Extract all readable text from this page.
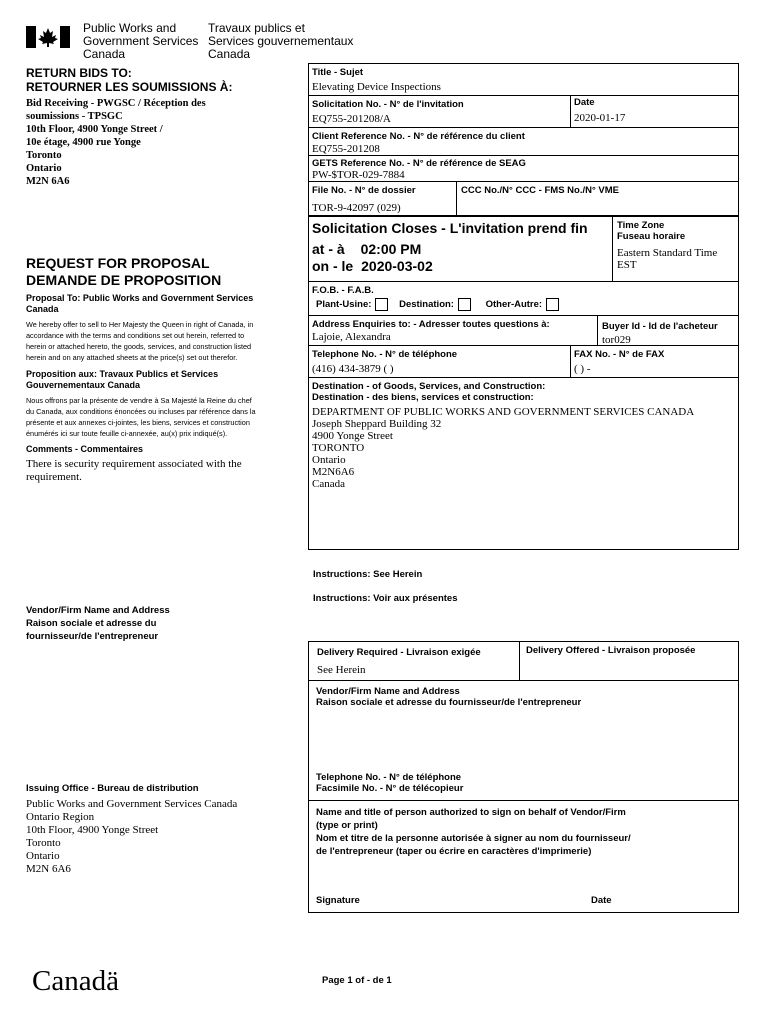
Public Works and
Government Services
Canada
Travaux publics et
Services gouvernementaux
Canada
RETURN BIDS TO:
RETOURNER LES SOUMISSIONS À:
Bid Receiving - PWGSC / Réception des
soumissions - TPSGC
10th Floor, 4900 Yonge Street /
10e étage, 4900 rue Yonge
Toronto
Ontario
M2N 6A6
REQUEST FOR PROPOSAL
DEMANDE DE PROPOSITION
Proposal To: Public Works and Government Services Canada
We hereby offer to sell to Her Majesty the Queen in right of Canada, in accordance with the terms and conditions set out herein, referred to herein or attached hereto, the goods, services, and construction listed herein and on any attached sheets at the price(s) set out therefor.
Proposition aux: Travaux Publics et Services Gouvernementaux Canada
Nous offrons par la présente de vendre à Sa Majesté la Reine du chef du Canada, aux conditions énoncées ou incluses par référence dans la présente et aux annexes ci-jointes, les biens, services et construction énumérés ici sur toute feuille ci-annexée, au(x) prix indiqué(s).
Comments - Commentaires
There is security requirement associated with the requirement.
Vendor/Firm Name and Address
Raison sociale et adresse du
fournisseur/de l'entrepreneur
Issuing Office - Bureau de distribution
Public Works and Government Services Canada
Ontario Region
10th Floor, 4900 Yonge Street
Toronto
Ontario
M2N 6A6
Title - Sujet
Elevating Device Inspections
Solicitation No. - N° de l'invitation
EQ755-201208/A
Date
2020-01-17
Client Reference No. - N° de référence du client
EQ755-201208
GETS Reference No. - N° de référence de SEAG
PW-$TOR-029-7884
File No. - N° de dossier
TOR-9-42097 (029)
CCC No./N° CCC - FMS No./N° VME
Solicitation Closes - L'invitation prend fin
at - à 02:00 PM
on - le 2020-03-02
Time Zone
Fuseau horaire
Eastern Standard Time
EST
F.O.B. - F.A.B.
Plant-Usine:	Destination:	Other-Autre:
Address Enquiries to: - Adresser toutes questions à:
Lajoie, Alexandra
Buyer Id - Id de l'acheteur
tor029
Telephone No. - N° de téléphone
(416) 434-3879 ( )
FAX No. - N° de FAX
( ) -
Destination - of Goods, Services, and Construction:
Destination - des biens, services et construction:
DEPARTMENT OF PUBLIC WORKS AND GOVERNMENT SERVICES CANADA
Joseph Sheppard Building 32
4900 Yonge Street
TORONTO
Ontario
M2N6A6
Canada
Instructions: See Herein
Instructions: Voir aux présentes
Delivery Required - Livraison exigée
See Herein
Delivery Offered - Livraison proposée
Vendor/Firm Name and Address
Raison sociale et adresse du fournisseur/de l'entrepreneur
Telephone No. - N° de téléphone
Facsimile No. - N° de télécopieur
Name and title of person authorized to sign on behalf of Vendor/Firm
(type or print)
Nom et titre de la personne autorisée à signer au nom du fournisseur/
de l'entrepreneur (taper ou écrire en caractères d'imprimerie)
Signature	Date
Canadä	Page 1 of - de 1
